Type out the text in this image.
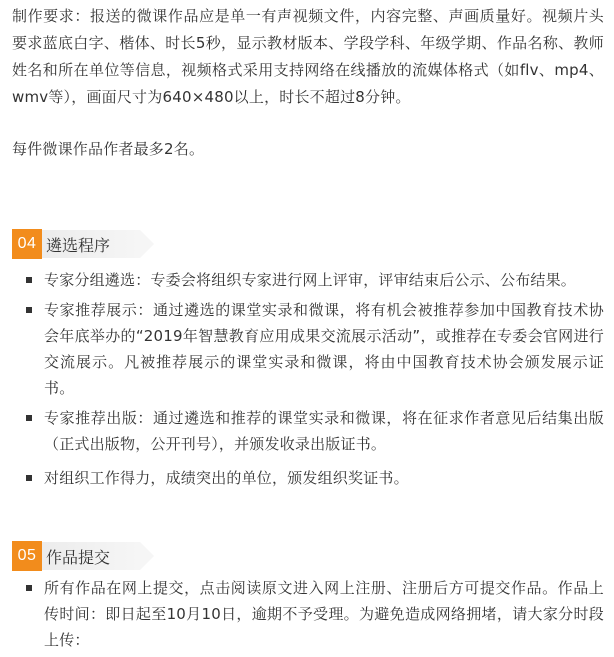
制作要求：报送的微课作品应是单一有声视频文件，内容完整、声画质量好。视频片头要求蓝底白字、楷体、时长5秒，显示教材版本、学段学科、年级学期、作品名称、教师姓名和所在单位等信息，视频格式采用支持网络在线播放的流媒体格式（如flv、mp4、wmv等），画面尺寸为640×480以上，时长不超过8分钟。

每件微课作品作者最多2名。

04 遴选程序
专家分组遴选：专委会将组织专家进行网上评审，评审结束后公示、公布结果。
专家推荐展示：通过遴选的课堂实录和微课，将有机会被推荐参加中国教育技术协会年底举办的“2019年智慧教育应用成果交流展示活动”，或推荐在专委会官网进行交流展示。凡被推荐展示的课堂实录和微课，将由中国教育技术协会颁发展示证书。
专家推荐出版：通过遴选和推荐的课堂实录和微课，将在征求作者意见后结集出版（正式出版物，公开刊号），并颁发收录出版证书。
对组织工作得力，成绩突出的单位，颁发组织奖证书。
05 作品提交
所有作品在网上提交，点击阅读原文进入网上注册、注册后方可提交作品。作品上传时间：即日起至10月10日，逾期不予受理。为避免造成网络拥堵，请大家分时段上传：
